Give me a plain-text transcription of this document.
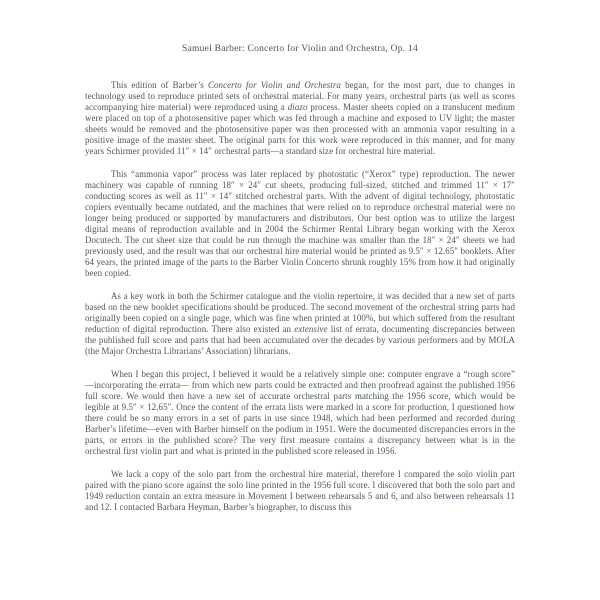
Samuel Barber: Concerto for Violin and Orchestra, Op. 14

This edition of Barber’s Concerto for Violin and Orchestra began, for the most part, due to changes in technology used to reproduce printed sets of orchestral material. For many years, orchestral parts (as well as scores accompanying hire material) were reproduced using a diazo process. Master sheets copied on a translucent medium were placed on top of a photosensitive paper which was fed through a machine and exposed to UV light; the master sheets would be removed and the photosensitive paper was then processed with an ammonia vapor resulting in a positive image of the master sheet. The original parts for this work were reproduced in this manner, and for many years Schirmer provided 11″ × 14″ orchestral parts—a standard size for orchestral hire material.

This “ammonia vapor” process was later replaced by photostatic (“Xerox” type) reproduction. The newer machinery was capable of running 18″ × 24″ cut sheets, producing full-sized, stitched and trimmed 11″ × 17″ conducting scores as well as 11″ × 14″ stitched orchestral parts. With the advent of digital technology, photostatic copiers eventually became outdated, and the machines that were relied on to reproduce orchestral material were no longer being produced or supported by manufacturers and distributors. Our best option was to utilize the largest digital means of reproduction available and in 2004 the Schirmer Rental Library began working with the Xerox Docutech. The cut sheet size that could be run through the machine was smaller than the 18″ × 24″ sheets we had previously used, and the result was that our orchestral hire material would be printed as 9.5″ × 12.65″ booklets. After 64 years, the printed image of the parts to the Barber Violin Concerto shrunk roughly 15% from how it had originally been copied.

As a key work in both the Schirmer catalogue and the violin repertoire, it was decided that a new set of parts based on the new booklet specifications should be produced. The second movement of the orchestral string parts had originally been copied on a single page, which was fine when printed at 100%, but which suffered from the resultant reduction of digital reproduction. There also existed an extensive list of errata, documenting discrepancies between the published full score and parts that had been accumulated over the decades by various performers and by MOLA (the Major Orchestra Librarians’ Association) librarians.

When I began this project, I believed it would be a relatively simple one: computer engrave a “rough score” —incorporating the errata— from which new parts could be extracted and then proofread against the published 1956 full score. We would then have a new set of accurate orchestral parts matching the 1956 score, which would be legible at 9.5″ × 12.65″. Once the content of the errata lists were marked in a score for production, I questioned how there could be so many errors in a set of parts in use since 1948, which had been performed and recorded during Barber’s lifetime—even with Barber himself on the podium in 1951. Were the documented discrepancies errors in the parts, or errors in the published score? The very first measure contains a discrepancy between what is in the orchestral first violin part and what is printed in the published score released in 1956.

We lack a copy of the solo part from the orchestral hire material, therefore I compared the solo violin part paired with the piano score against the solo line printed in the 1956 full score. I discovered that both the solo part and 1949 reduction contain an extra measure in Movement I between rehearsals 5 and 6, and also between rehearsals 11 and 12. I contacted Barbara Heyman, Barber’s biographer, to discuss this
